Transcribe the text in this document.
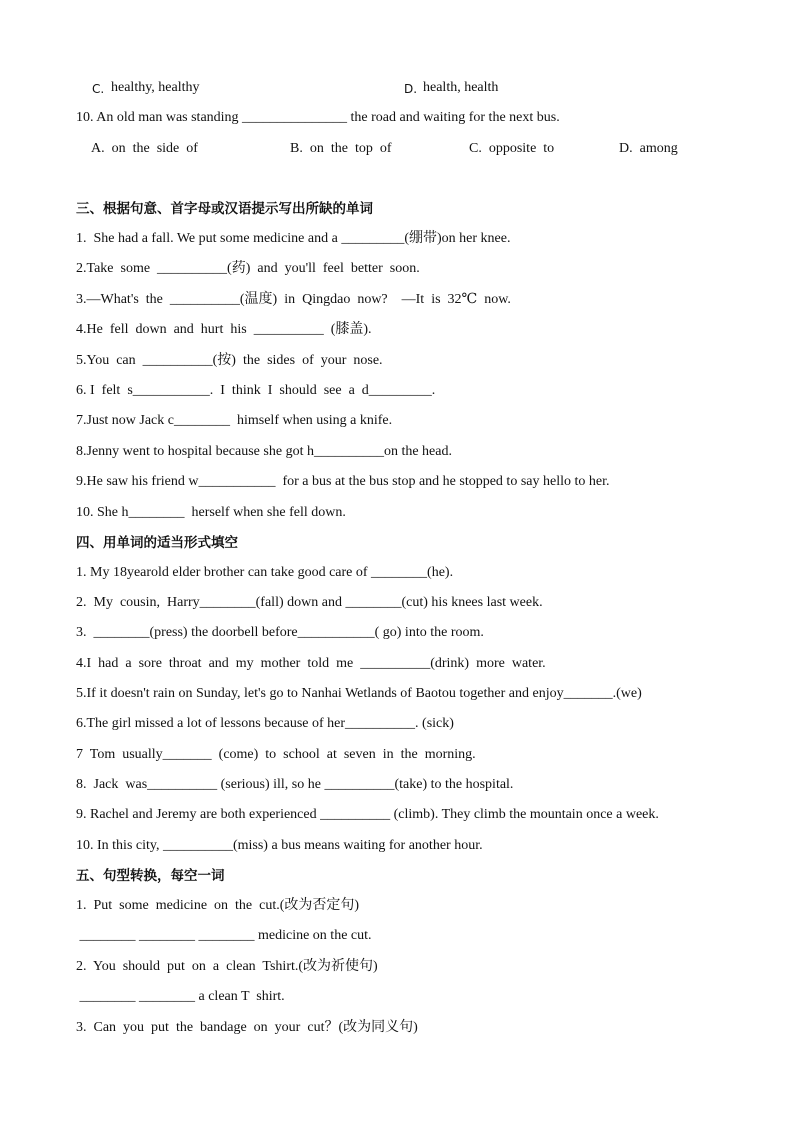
C. healthy, healthy	D. health, health
10. An old man was standing _______________ the road and waiting for the next bus.
A.  on  the  side  of	B.  on  the  top  of	C.  opposite  to	D.  among
三、根据句意、首字母或汉语提示写出所缺的单词
1.  She had a fall. We put some medicine and a _________(绷带)on her knee.
2.Take  some  __________(药)  and  you'll  feel  better  soon.
3.—What's  the  __________(温度)  in  Qingdao  now?    —It  is  32℃  now.
4.He  fell  down  and  hurt  his  __________  (膝盖).
5.You  can  __________(按)  the  sides  of  your  nose.
6. I  felt  s___________.  I  think  I  should  see  a  d_________.
7.Just now Jack c________  himself when using a knife.
8.Jenny went to hospital because she got h__________on the head.
9.He saw his friend w___________  for a bus at the bus stop and he stopped to say hello to her.
10. She h________  herself when she fell down.
四、用单词的适当形式填空
1. My 18yearold elder brother can take good care of ________(he).
2.  My  cousin,  Harry________(fall) down and ________(cut) his knees last week.
3.  ________(press) the doorbell before___________( go) into the room.
4.I  had  a  sore  throat  and  my  mother  told  me  __________(drink)  more  water.
5.If it doesn't rain on Sunday, let's go to Nanhai Wetlands of Baotou together and enjoy_______.(we)
6.The girl missed a lot of lessons because of her__________. (sick)
7  Tom  usually_______  (come)  to  school  at  seven  in  the  morning.
8.  Jack  was__________ (serious) ill, so he __________(take) to the hospital.
9. Rachel and Jeremy are both experienced __________ (climb). They climb the mountain once a week.
10. In this city, __________(miss) a bus means waiting for another hour.
五、句型转换，每空一词
1.  Put  some  medicine  on  the  cut.(改为否定句)
________ ________ ________ medicine on the cut.
2.  You  should  put  on  a  clean  Tshirt.(改为祈使句)
________ ________ a clean T  shirt.
3.  Can  you  put  the  bandage  on  your  cut？(改为同义句)
